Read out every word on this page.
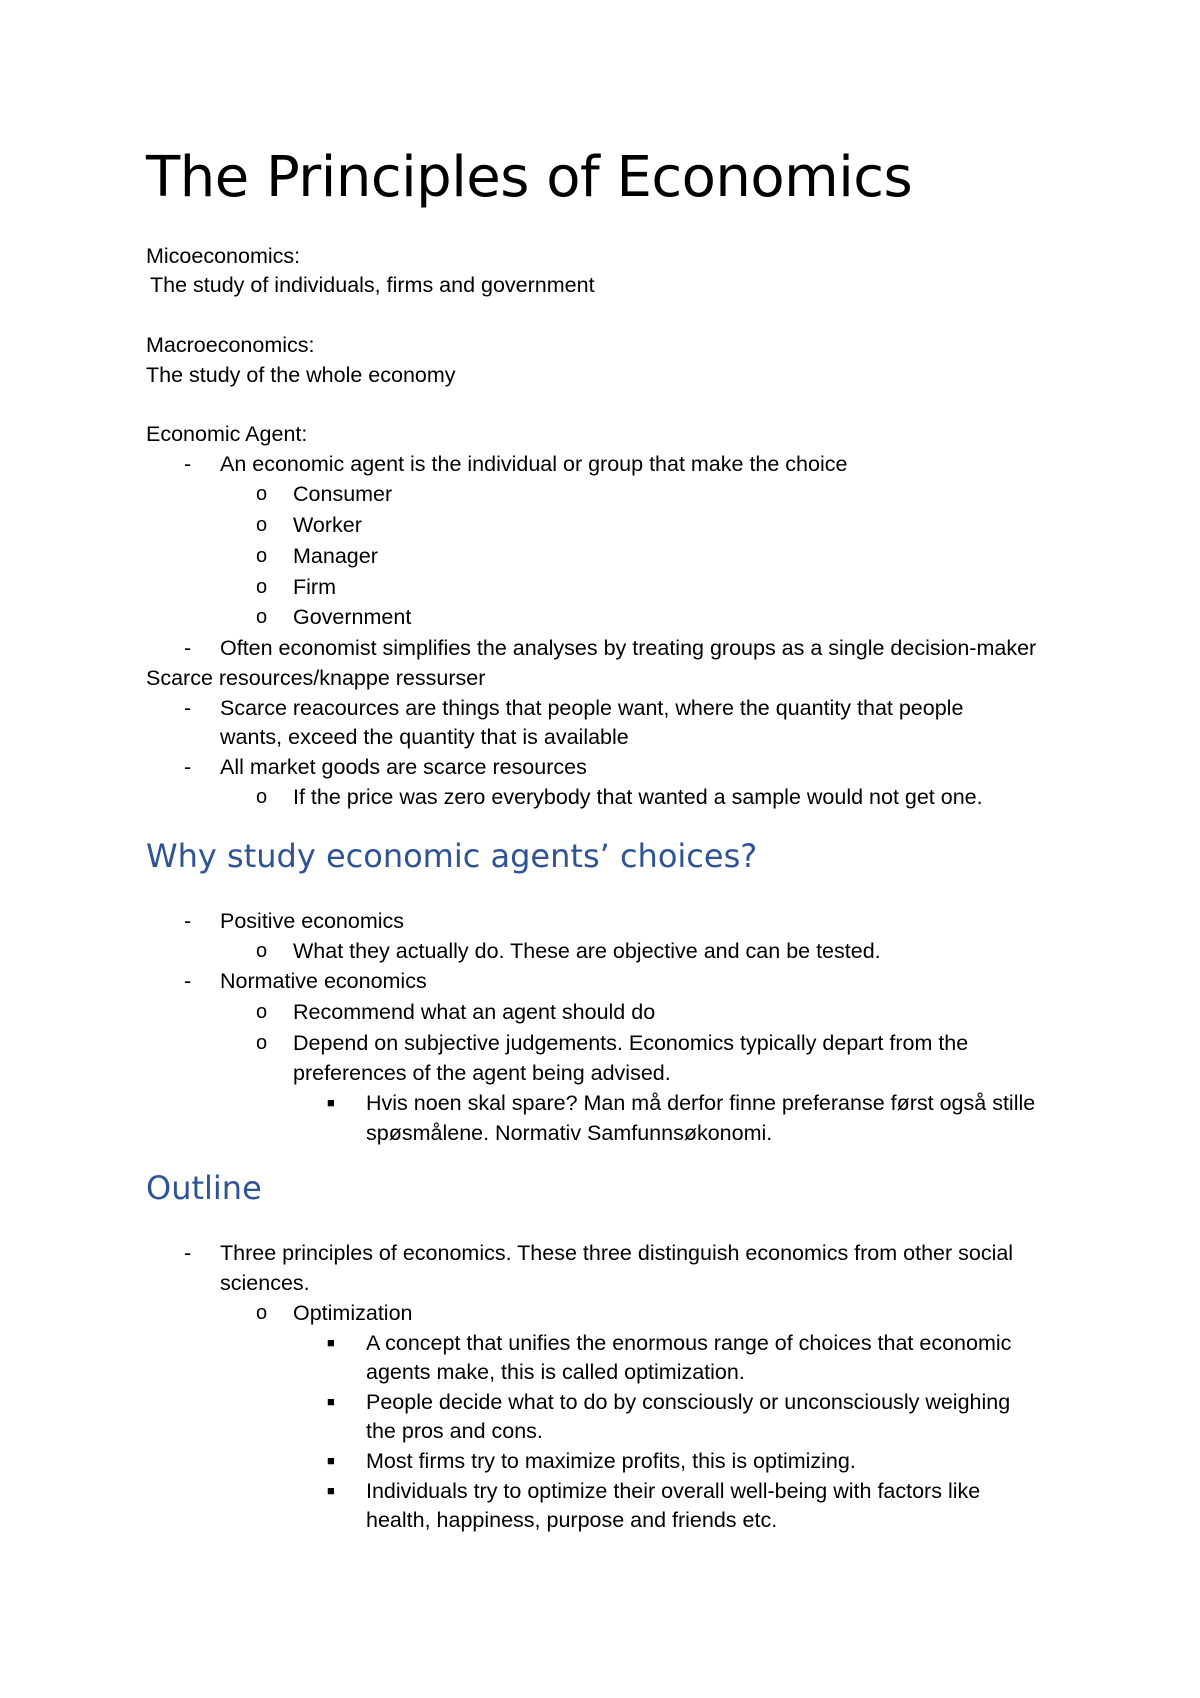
The Principles of Economics
Micoeconomics:
The study of individuals, firms and government
Macroeconomics:
The study of the whole economy
Economic Agent:
- An economic agent is the individual or group that make the choice
o Consumer
o Worker
o Manager
o Firm
o Government
- Often economist simplifies the analyses by treating groups as a single decision-maker
Scarce resources/knappe ressurser
- Scarce reacources are things that people want, where the quantity that people
wants, exceed the quantity that is available
- All market goods are scarce resources
o If the price was zero everybody that wanted a sample would not get one.
Why study economic agents’ choices?
- Positive economics
o What they actually do. These are objective and can be tested.
- Normative economics
o Recommend what an agent should do
o Depend on subjective judgements. Economics typically depart from the
preferences of the agent being advised.
■ Hvis noen skal spare? Man må derfor finne preferanse først også stille
spøsmålene. Normativ Samfunnsøkonomi.
Outline
- Three principles of economics. These three distinguish economics from other social
sciences.
o Optimization
■ A concept that unifies the enormous range of choices that economic
agents make, this is called optimization.
■ People decide what to do by consciously or unconsciously weighing
the pros and cons.
■ Most firms try to maximize profits, this is optimizing.
■ Individuals try to optimize their overall well-being with factors like
health, happiness, purpose and friends etc.
